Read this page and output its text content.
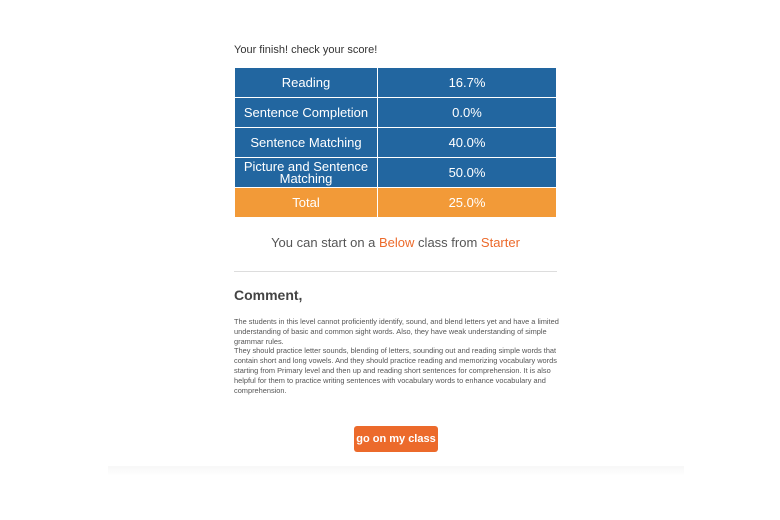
Your finish! check your score!

Reading	16.7%
Sentence Completion	0.0%
Sentence Matching	40.0%
Picture and Sentence Matching	50.0%
Total	25.0%

You can start on a Below class from Starter

Comment,

The students in this level cannot proficiently identify, sound, and blend letters yet and have a limited understanding of basic and common sight words. Also, they have weak understanding of simple grammar rules.

They should practice letter sounds, blending of letters, sounding out and reading simple words that contain short and long vowels. And they should practice reading and memorizing vocabulary words starting from Primary level and then up and reading short sentences for comprehension. It is also helpful for them to practice writing sentences with vocabulary words to enhance vocabulary and comprehension.

go on my class
